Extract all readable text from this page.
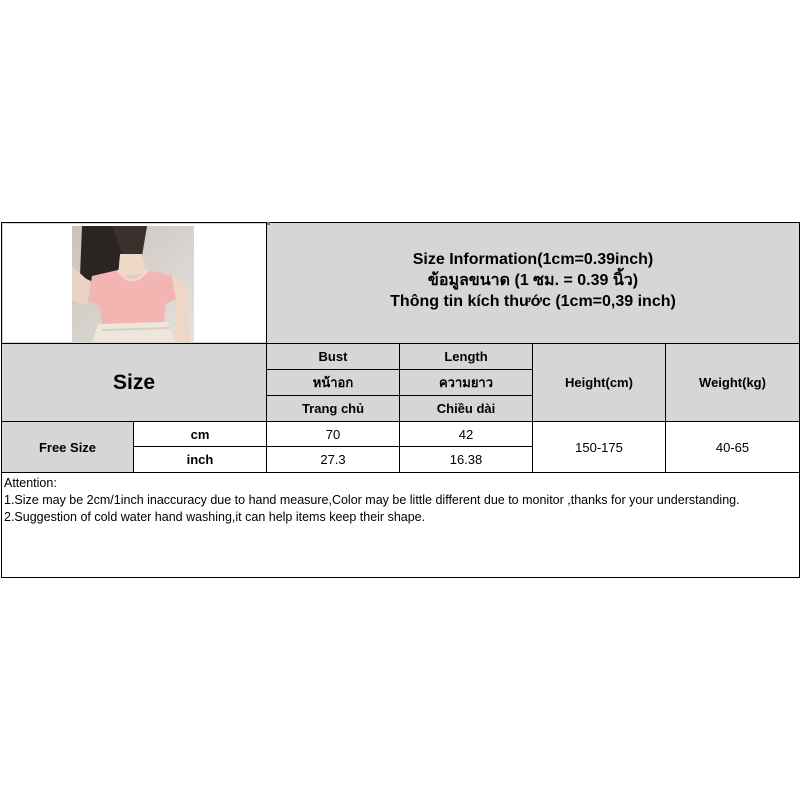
Size Information(1cm=0.39inch)
ข้อมูลขนาด (1 ซม. = 0.39 นิ้ว)
Thông tin kích thước (1cm=0,39 inch)
Size
Bust
หน้าอก
Trang chủ
Length
ความยาว
Chiều dài
Height(cm)	Weight(kg)
Free Size
cm
inch
70
27.3
42
16.38
150-175	40-65
Attention:
1.Size may be 2cm/1inch inaccuracy due to hand measure,Color may be little different due to monitor ,thanks for your understanding.
2.Suggestion of cold water hand washing,it can help items keep their shape.
